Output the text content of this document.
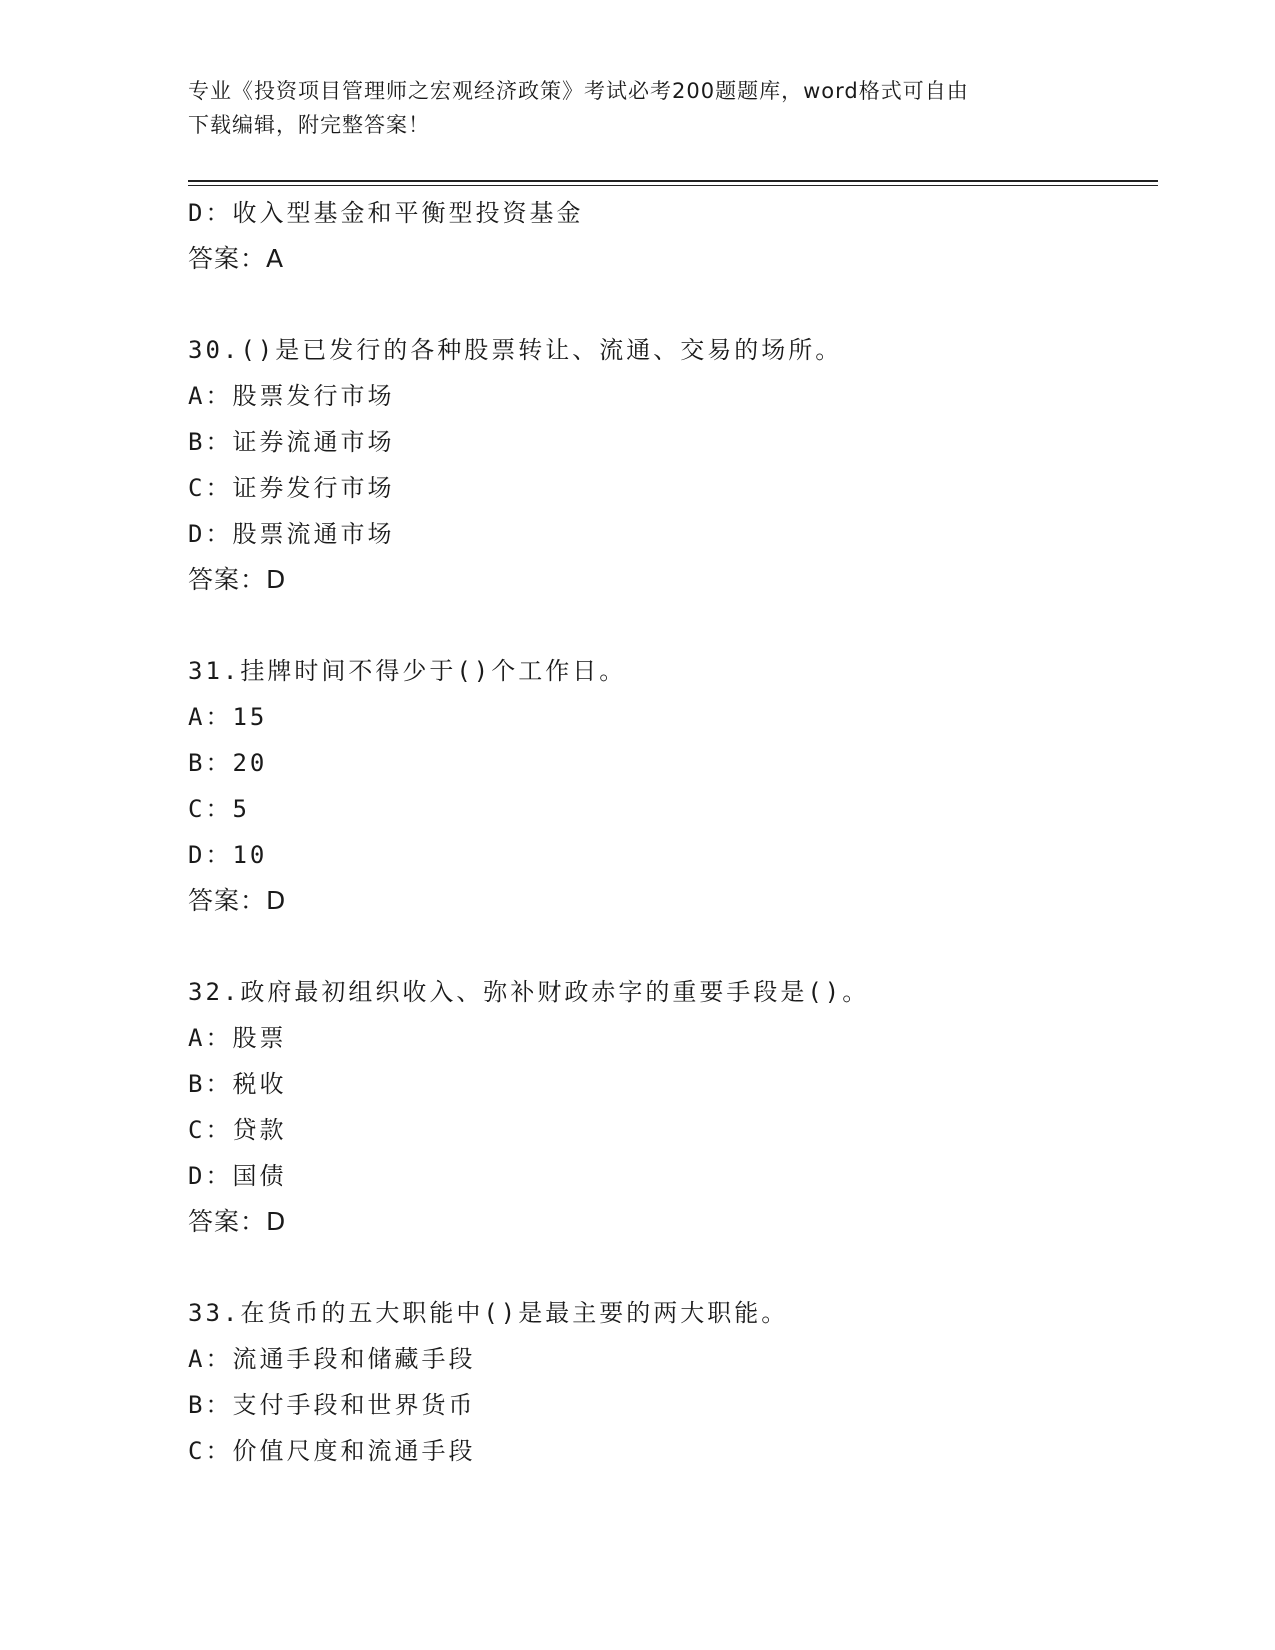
专业《投资项目管理师之宏观经济政策》考试必考200题题库，word格式可自由
下载编辑，附完整答案！
D：收入型基金和平衡型投资基金
答案：A
30.()是已发行的各种股票转让、流通、交易的场所。
A：股票发行市场
B：证券流通市场
C：证券发行市场
D：股票流通市场
答案：D
31.挂牌时间不得少于()个工作日。
A：15
B：20
C：5
D：10
答案：D
32.政府最初组织收入、弥补财政赤字的重要手段是()。
A：股票
B：税收
C：贷款
D：国债
答案：D
33.在货币的五大职能中()是最主要的两大职能。
A：流通手段和储藏手段
B：支付手段和世界货币
C：价值尺度和流通手段
